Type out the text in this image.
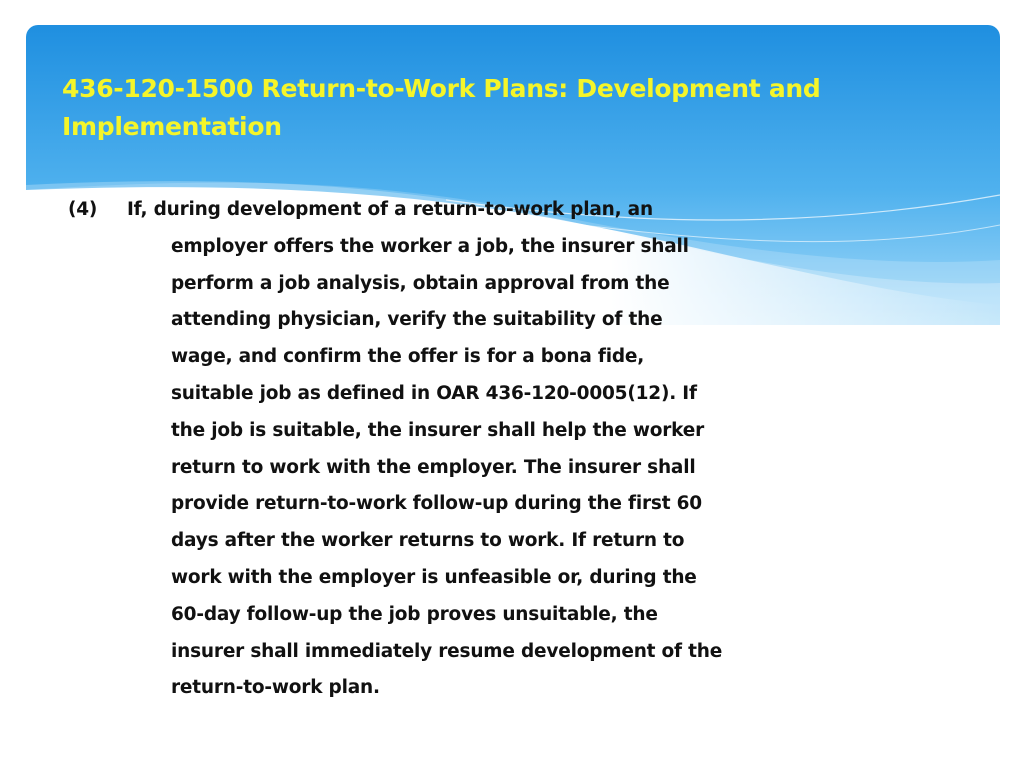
436-120-1500 Return-to-Work Plans: Development and
Implementation
(4)	If, during development of a return-to-work plan, an
employer offers the worker a job, the insurer shall
perform a job analysis, obtain approval from the
attending physician, verify the suitability of the
wage, and confirm the offer is for a bona fide,
suitable job as defined in OAR 436-120-0005(12). If
the job is suitable, the insurer shall help the worker
return to work with the employer. The insurer shall
provide return-to-work follow-up during the first 60
days after the worker returns to work. If return to
work with the employer is unfeasible or, during the
60-day follow-up the job proves unsuitable, the
insurer shall immediately resume development of the
return-to-work plan.
